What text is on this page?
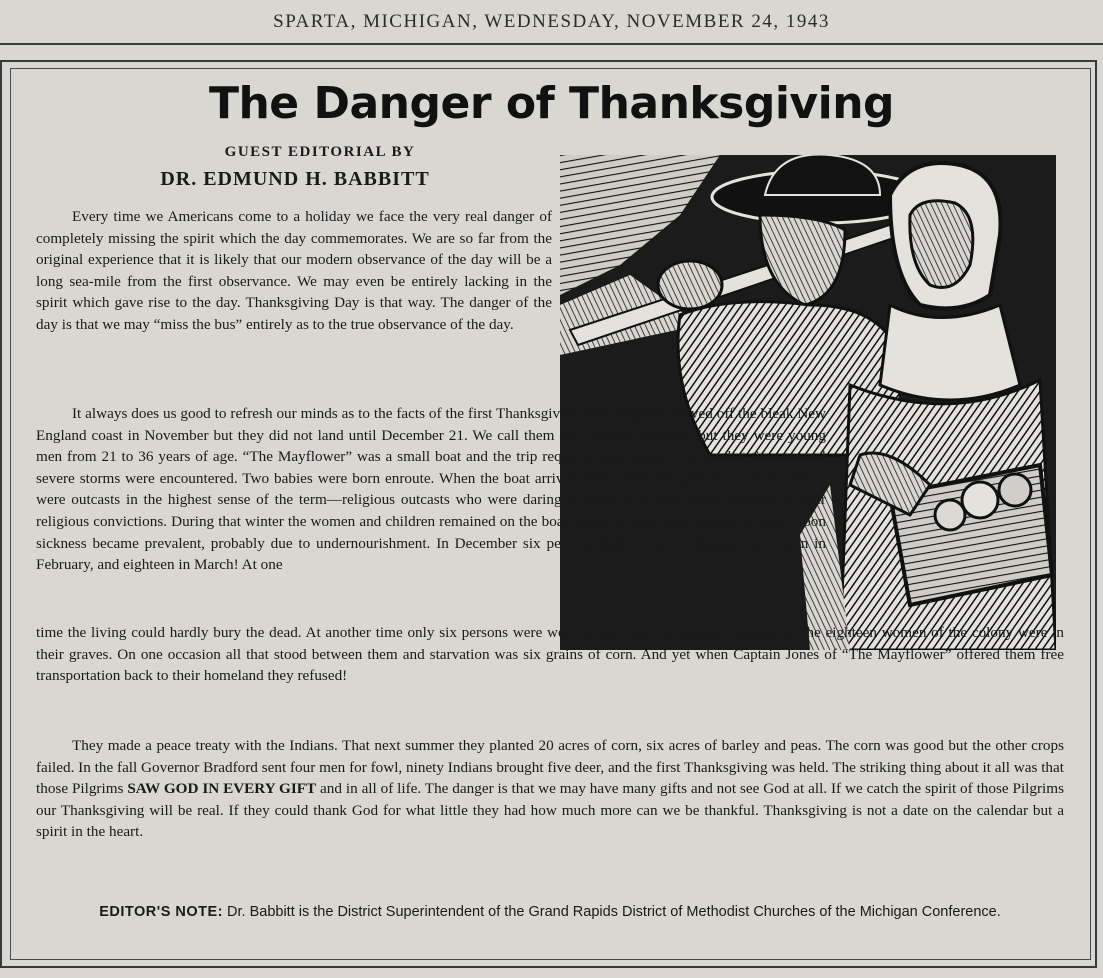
SPARTA, MICHIGAN, WEDNESDAY, NOVEMBER 24, 1943
The Danger of Thanksgiving
GUEST EDITORIAL BY
DR. EDMUND H. BABBITT

Every time we Americans come to a holiday we face the very real danger of completely missing the spirit which the day commemorates. We are so far from the original experience that it is likely that our modern observance of the day will be a long sea-mile from the first observance. We may even be entirely lacking in the spirit which gave rise to the day. Thanksgiving Day is that way. The danger of the day is that we may “miss the bus” entirely as to the true observance of the day.

It always does us good to refresh our minds as to the facts of the first Thanksgiving. The Pilgrims arrived off the bleak New England coast in November but they did not land until December 21. We call them our “Pilgrim Fathers” but they were young men from 21 to 36 years of age. “The Mayflower” was a small boat and the trip required nine weeks. During that time several severe storms were encountered. Two babies were born enroute. When the boat arrived there were 102 persons on board. They were outcasts in the highest sense of the term—religious outcasts who were daring to come to a new world because of their religious convictions. During that winter the women and children remained on the boat while the men went ashore to work. Soon sickness became prevalent, probably due to undernourishment. In December six persons died, seven in January, seventeen in February, and eighteen in March! At one

time the living could hardly bury the dead. At another time only six persons were well. In less than six months fourteen of the eighteen women of the colony were in their graves. On one occasion all that stood between them and starvation was six grains of corn. And yet when Captain Jones of “The Mayflower” offered them free transportation back to their homeland they refused!

They made a peace treaty with the Indians. That next summer they planted 20 acres of corn, six acres of barley and peas. The corn was good but the other crops failed. In the fall Governor Bradford sent four men for fowl, ninety Indians brought five deer, and the first Thanksgiving was held. The striking thing about it all was that those Pilgrims SAW GOD IN EVERY GIFT and in all of life. The danger is that we may have many gifts and not see God at all. If we catch the spirit of those Pilgrims our Thanksgiving will be real. If they could thank God for what little they had how much more can we be thankful. Thanksgiving is not a date on the calendar but a spirit in the heart.

EDITOR'S NOTE: Dr. Babbitt is the District Superintendent of the Grand Rapids District of Methodist Churches of the Michigan Conference.
